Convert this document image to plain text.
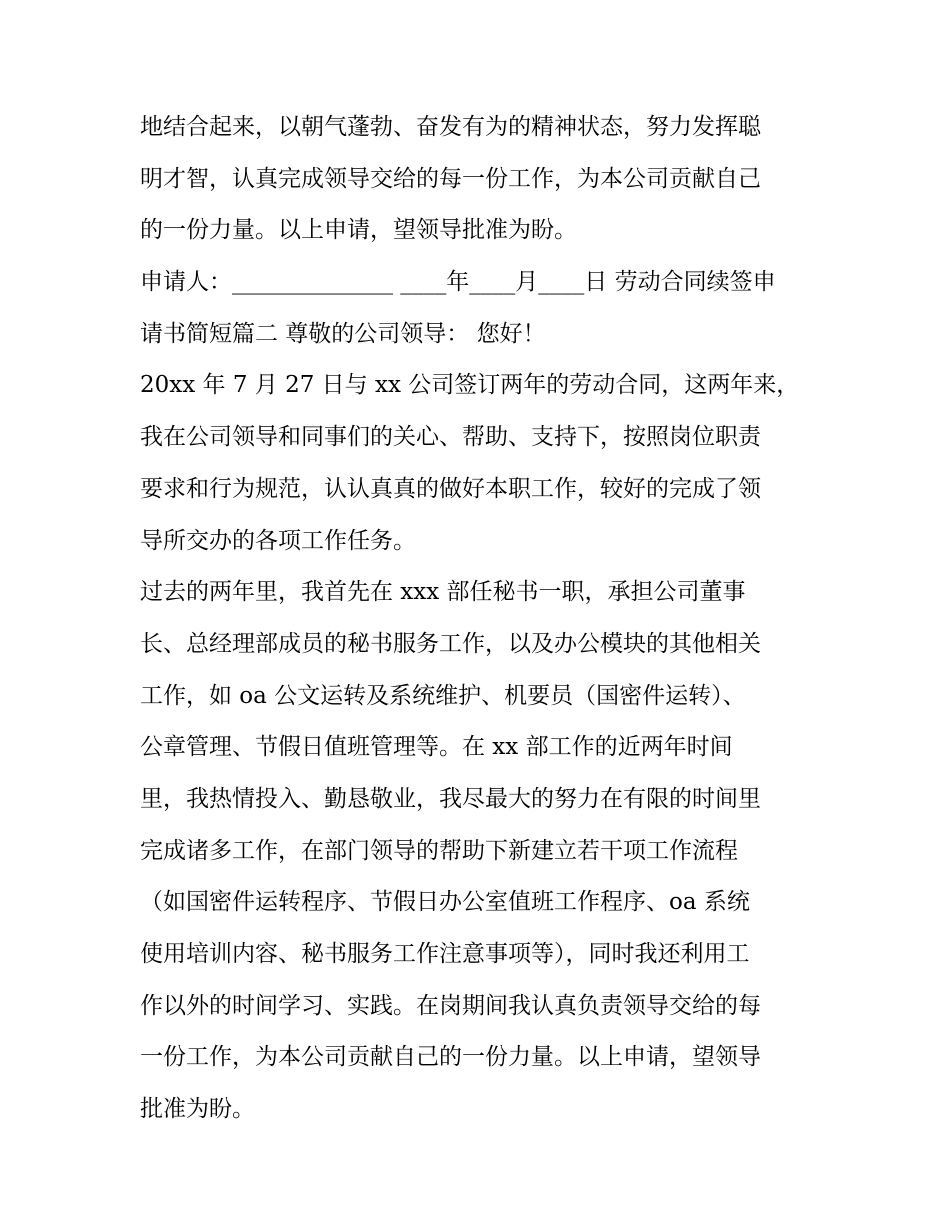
地结合起来，以朝气蓬勃、奋发有为的精神状态，努力发挥聪
明才智，认真完成领导交给的每一份工作，为本公司贡献自己
的一份力量。以上申请，望领导批准为盼。
申请人：______________ ____年____月____日 劳动合同续签申
请书简短篇二 尊敬的公司领导： 您好！
20xx 年 7 月 27 日与 xx 公司签订两年的劳动合同，这两年来，
我在公司领导和同事们的关心、帮助、支持下，按照岗位职责
要求和行为规范，认认真真的做好本职工作，较好的完成了领
导所交办的各项工作任务。
过去的两年里，我首先在 xxx 部任秘书一职，承担公司董事
长、总经理部成员的秘书服务工作，以及办公模块的其他相关
工作，如 oa 公文运转及系统维护、机要员（国密件运转）、
公章管理、节假日值班管理等。在 xx 部工作的近两年时间
里，我热情投入、勤恳敬业，我尽最大的努力在有限的时间里
完成诸多工作，在部门领导的帮助下新建立若干项工作流程
（如国密件运转程序、节假日办公室值班工作程序、oa 系统
使用培训内容、秘书服务工作注意事项等），同时我还利用工
作以外的时间学习、实践。在岗期间我认真负责领导交给的每
一份工作，为本公司贡献自己的一份力量。以上申请，望领导
批准为盼。
